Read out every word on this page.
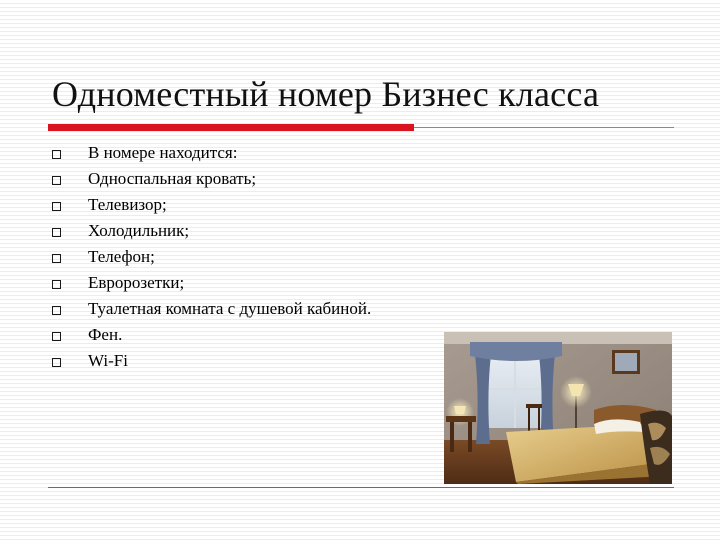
Одноместный номер Бизнес класса
В номере находится:
Односпальная кровать;
Телевизор;
Холодильник;
Телефон;
Евророзетки;
Туалетная комната с душевой кабиной.
Фен.
Wi-Fi
